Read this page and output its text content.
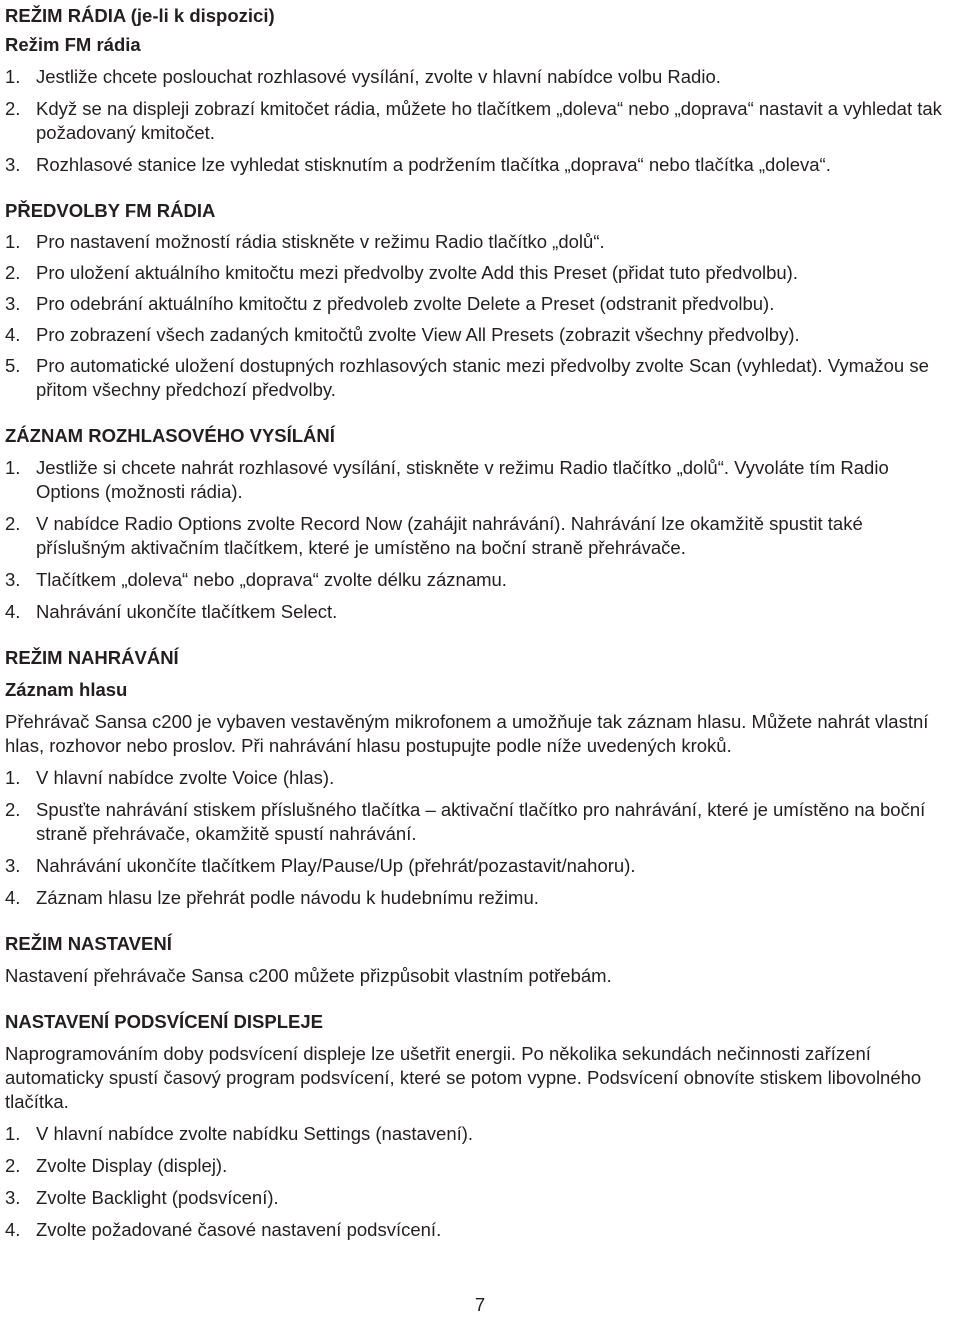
REŽIM RÁDIA (je-li k dispozici)
Režim FM rádia
1. Jestliže chcete poslouchat rozhlasové vysílání, zvolte v hlavní nabídce volbu Radio.
2. Když se na displeji zobrazí kmitočet rádia, můžete ho tlačítkem „doleva“ nebo „doprava“ nastavit a vyhledat tak požadovaný kmitočet.
3. Rozhlasové stanice lze vyhledat stisknutím a podržením tlačítka „doprava“ nebo tlačítka „doleva“.
PŘEDVOLBY FM RÁDIA
1. Pro nastavení možností rádia stiskněte v režimu Radio tlačítko „dolů“.
2. Pro uložení aktuálního kmitočtu mezi předvolby zvolte Add this Preset (přidat tuto předvolbu).
3. Pro odebrání aktuálního kmitočtu z předvoleb zvolte Delete a Preset (odstranit předvolbu).
4. Pro zobrazení všech zadaných kmitočtů zvolte View All Presets (zobrazit všechny předvolby).
5. Pro automatické uložení dostupných rozhlasových stanic mezi předvolby zvolte Scan (vyhledat). Vymažou se přitom všechny předchozí předvolby.
ZÁZNAM ROZHLASOVÉHO VYSÍLÁNÍ
1. Jestliže si chcete nahrát rozhlasové vysílání, stiskněte v režimu Radio tlačítko „dolů“. Vyvoláte tím Radio Options (možnosti rádia).
2. V nabídce Radio Options zvolte Record Now (zahájit nahrávání). Nahrávání lze okamžitě spustit také příslušným aktivačním tlačítkem, které je umístěno na boční straně přehrávače.
3. Tlačítkem „doleva“ nebo „doprava“ zvolte délku záznamu.
4. Nahrávání ukončíte tlačítkem Select.
REŽIM NAHRÁVÁNÍ
Záznam hlasu

Přehrávač Sansa c200 je vybaven vestavěným mikrofonem a umožňuje tak záznam hlasu. Můžete nahrát vlastní hlas, rozhovor nebo proslov. Při nahrávání hlasu postupujte podle níže uvedených kroků.

1. V hlavní nabídce zvolte Voice (hlas).
2. Spusťte nahrávání stiskem příslušného tlačítka – aktivační tlačítko pro nahrávání, které je umístěno na boční straně přehrávače, okamžitě spustí nahrávání.
3. Nahrávání ukončíte tlačítkem Play/Pause/Up (přehrát/pozastavit/nahoru).
4. Záznam hlasu lze přehrát podle návodu k hudebnímu režimu.
REŽIM NASTAVENÍ

Nastavení přehrávače Sansa c200 můžete přizpůsobit vlastním potřebám.

NASTAVENÍ PODSVÍCENÍ DISPLEJE

Naprogramováním doby podsvícení displeje lze ušetřit energii. Po několika sekundách nečinnosti zařízení automaticky spustí časový program podsvícení, které se potom vypne. Podsvícení obnovíte stiskem libovolného tlačítka.

1. V hlavní nabídce zvolte nabídku Settings (nastavení).
2. Zvolte Display (displej).
3. Zvolte Backlight (podsvícení).
4. Zvolte požadované časové nastavení podsvícení.
7
